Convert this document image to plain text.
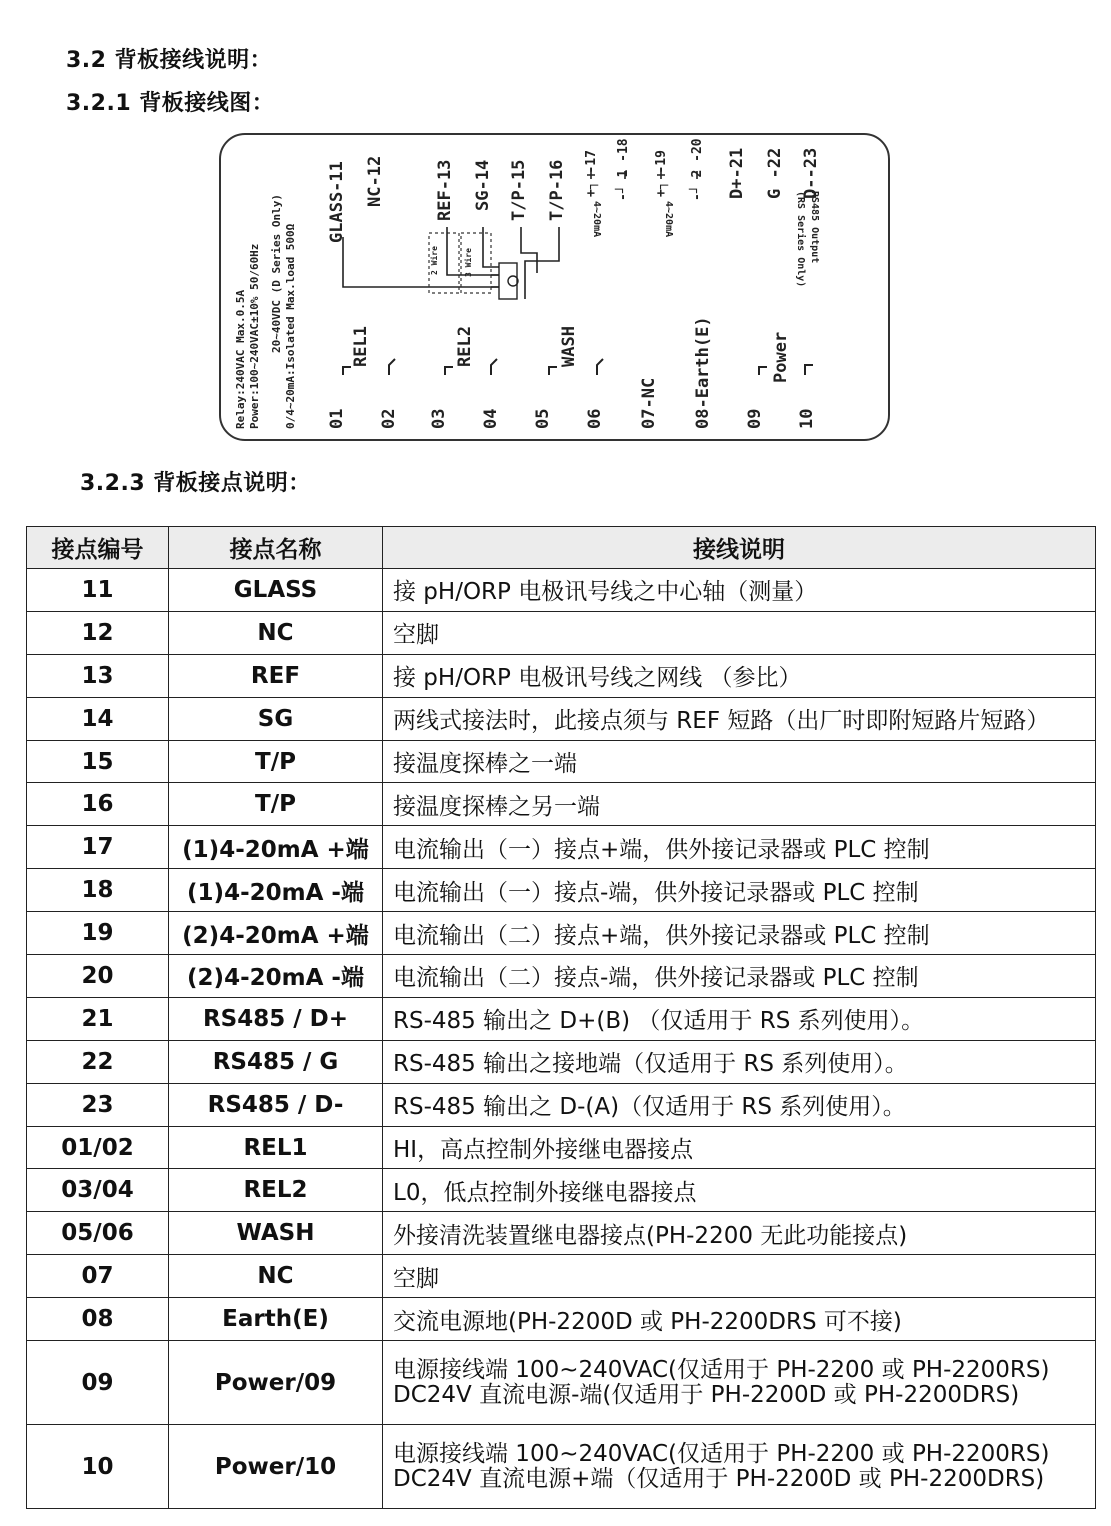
3.2 背板接线说明：
3.2.1 背板接线图：
Relay:240VAC Max.0.5A Power:100~240VAC±10% 50/60Hz 20~40VDC (D Series Only) 0/4~20mA:Isolated Max.load 500Ω
GLASS-11 NC-12	REF-13 SG-14 T/P-15 T/P-16 +┐ -17 -┘ 1 -18 +┐ -19 -┘ 2 -20 D+-21 G -22 D--23
4~20mA	4~20mA	RS485 Output
(RS Series Only)
2 Wire	3 Wire
01 02 03 04 05 06 07-NC 08-Earth(E) 09 10
REL1	REL2	WASH	Power
3.2.3 背板接点说明：
接点编号	接点名称	接线说明
11	GLASS	接 pH/ORP 电极讯号线之中心轴（测量）
12	NC	空脚
13	REF	接 pH/ORP 电极讯号线之网线 （参比）
14	SG	两线式接法时，此接点须与 REF 短路（出厂时即附短路片短路）
15	T/P	接温度探棒之一端
16	T/P	接温度探棒之另一端
17	(1)4-20mA +端	电流输出（一）接点+端，供外接记录器或 PLC 控制
18	(1)4-20mA -端	电流输出（一）接点-端，供外接记录器或 PLC 控制
19	(2)4-20mA +端	电流输出（二）接点+端，供外接记录器或 PLC 控制
20	(2)4-20mA -端	电流输出（二）接点-端，供外接记录器或 PLC 控制
21	RS485 / D+	RS-485 输出之 D+(B) （仅适用于 RS 系列使用）。
22	RS485 / G	RS-485 输出之接地端（仅适用于 RS 系列使用）。
23	RS485 / D-	RS-485 输出之 D-(A)（仅适用于 RS 系列使用）。
01/02	REL1	HI，高点控制外接继电器接点
03/04	REL2	L0，低点控制外接继电器接点
05/06	WASH	外接清洗装置继电器接点(PH-2200 无此功能接点)
07	NC	空脚
08	Earth(E)	交流电源地(PH-2200D 或 PH-2200DRS 可不接)
09	Power/09	电源接线端 100~240VAC(仅适用于 PH-2200 或 PH-2200RS)
DC24V 直流电源-端(仅适用于 PH-2200D 或 PH-2200DRS)

10	Power/10	电源接线端 100~240VAC(仅适用于 PH-2200 或 PH-2200RS)
DC24V 直流电源+端（仅适用于 PH-2200D 或 PH-2200DRS)
